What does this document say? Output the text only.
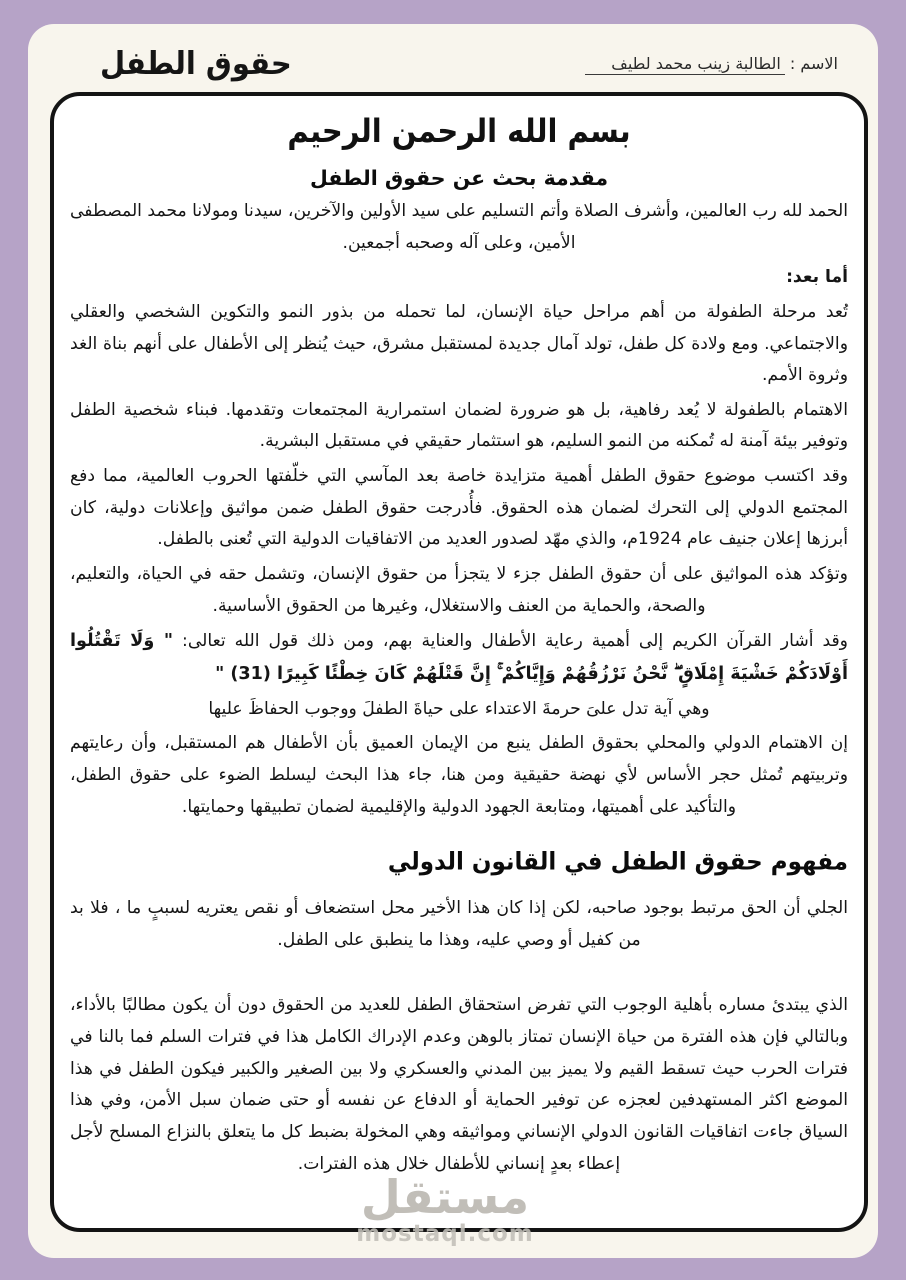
الاسم : الطالبة زينب محمد لطيف
حقوق الطفل
بسم الله الرحمن الرحيم
مقدمة بحث عن حقوق الطفل

الحمد لله رب العالمين، وأشرف الصلاة وأتم التسليم على سيد الأولين والآخرين، سيدنا ومولانا محمد المصطفى الأمين، وعلى آله وصحبه أجمعين.

أما بعد:

تُعد مرحلة الطفولة من أهم مراحل حياة الإنسان، لما تحمله من بذور النمو والتكوين الشخصي والعقلي والاجتماعي. ومع ولادة كل طفل، تولد آمال جديدة لمستقبل مشرق، حيث يُنظر إلى الأطفال على أنهم بناة الغد وثروة الأمم.

الاهتمام بالطفولة لا يُعد رفاهية، بل هو ضرورة لضمان استمرارية المجتمعات وتقدمها. فبناء شخصية الطفل وتوفير بيئة آمنة له تُمكنه من النمو السليم، هو استثمار حقيقي في مستقبل البشرية.

وقد اكتسب موضوع حقوق الطفل أهمية متزايدة خاصة بعد المآسي التي خلّفتها الحروب العالمية، مما دفع المجتمع الدولي إلى التحرك لضمان هذه الحقوق. فأُدرجت حقوق الطفل ضمن مواثيق وإعلانات دولية، كان أبرزها إعلان جنيف عام 1924م، والذي مهّد لصدور العديد من الاتفاقيات الدولية التي تُعنى بالطفل.

وتؤكد هذه المواثيق على أن حقوق الطفل جزء لا يتجزأ من حقوق الإنسان، وتشمل حقه في الحياة، والتعليم، والصحة، والحماية من العنف والاستغلال، وغيرها من الحقوق الأساسية.

وقد أشار القرآن الكريم إلى أهمية رعاية الأطفال والعناية بهم، ومن ذلك قول الله تعالى: " وَلَا تَقْتُلُوا أَوْلَادَكُمْ خَشْيَةَ إِمْلَاقٍ ۖ نَّحْنُ نَرْزُقُهُمْ وَإِيَّاكُمْ ۚ إِنَّ قَتْلَهُمْ كَانَ خِطْئًا كَبِيرًا (31) "

وهي آية تدل علىَ حرمةَ الاعتداء على حياةَ الطفلَ ووجوب الحفاظَ عليها

إن الاهتمام الدولي والمحلي بحقوق الطفل ينبع من الإيمان العميق بأن الأطفال هم المستقبل، وأن رعايتهم وتربيتهم تُمثل حجر الأساس لأي نهضة حقيقية ومن هنا، جاء هذا البحث ليسلط الضوء على حقوق الطفل، والتأكيد على أهميتها، ومتابعة الجهود الدولية والإقليمية لضمان تطبيقها وحمايتها.

مفهوم حقوق الطفل في القانون الدولي

الجلي أن الحق مرتبط بوجود صاحبه، لكن إذا كان هذا الأخير محل استضعاف أو نقص يعتريه لسببٍ ما ، فلا بد من كفيل أو وصي عليه، وهذا ما ينطبق على الطفل.

الذي يبتدئ مساره بأهلية الوجوب التي تفرض استحقاق الطفل للعديد من الحقوق دون أن يكون مطالبًا بالأداء، وبالتالي فإن هذه الفترة من حياة الإنسان تمتاز بالوهن وعدم الإدراك الكامل هذا في فترات السلم فما بالنا في فترات الحرب حيث تسقط القيم ولا يميز بين المدني والعسكري ولا بين الصغير والكبير فيكون الطفل في هذا الموضع اكثر المستهدفين لعجزه عن توفير الحماية أو الدفاع عن نفسه أو حتى ضمان سبل الأمن، وفي هذا السياق جاءت اتفاقيات القانون الدولي الإنساني ومواثيقه وهي المخولة بضبط كل ما يتعلق بالنزاع المسلح لأجل إعطاء بعدٍ إنساني للأطفال خلال هذه الفترات.

مستقل
mostaql.com
